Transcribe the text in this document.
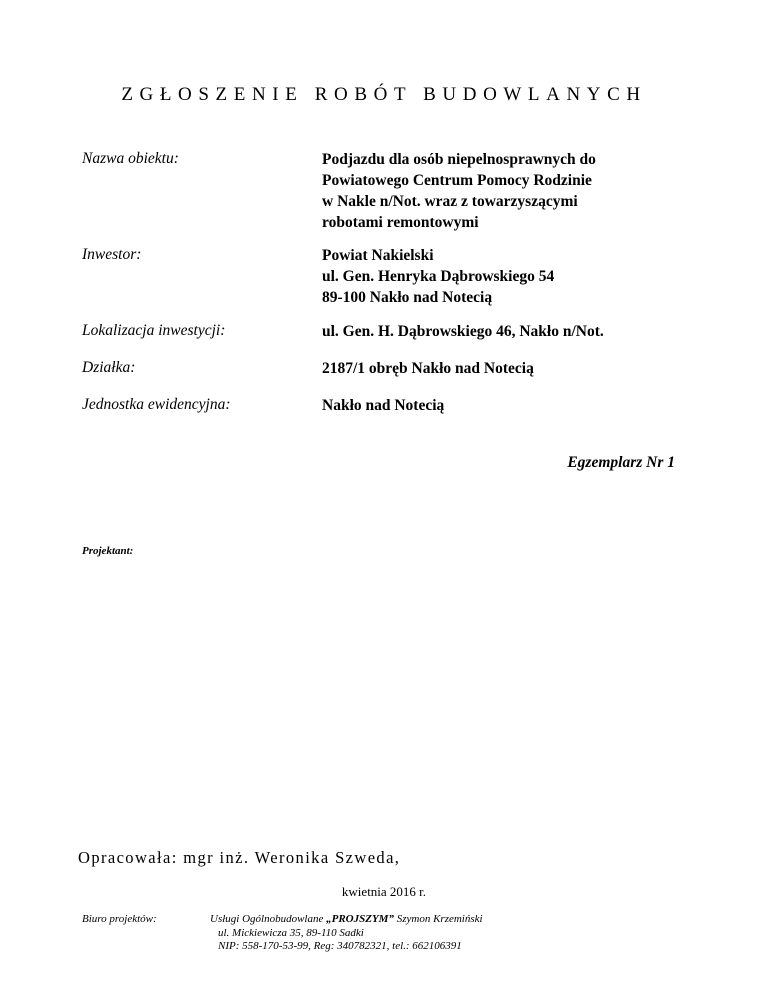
ZGŁOSZENIE ROBÓT BUDOWLANYCH
Nazwa obiektu:	Podjazdu dla osób niepelnosprawnych do
Powiatowego Centrum Pomocy Rodzinie
w Nakle n/Not. wraz z towarzyszącymi
robotami remontowymi
Inwestor:	Powiat Nakielski
ul. Gen. Henryka Dąbrowskiego 54
89-100 Nakło nad Notecią
Lokalizacja inwestycji:	ul. Gen. H. Dąbrowskiego 46, Nakło n/Not.
Działka:	2187/1 obręb Nakło nad Notecią
Jednostka ewidencyjna:	Nakło nad Notecią
Egzemplarz Nr 1
Projektant:
Opracowała: mgr inż. Weronika Szweda,
kwietnia 2016 r.
Biuro projektów:	Usługi Ogólnobudowlane „PROJSZYM” Szymon Krzemiński
ul. Mickiewicza 35, 89-110 Sadki
NIP: 558-170-53-99, Reg: 340782321, tel.: 662106391
